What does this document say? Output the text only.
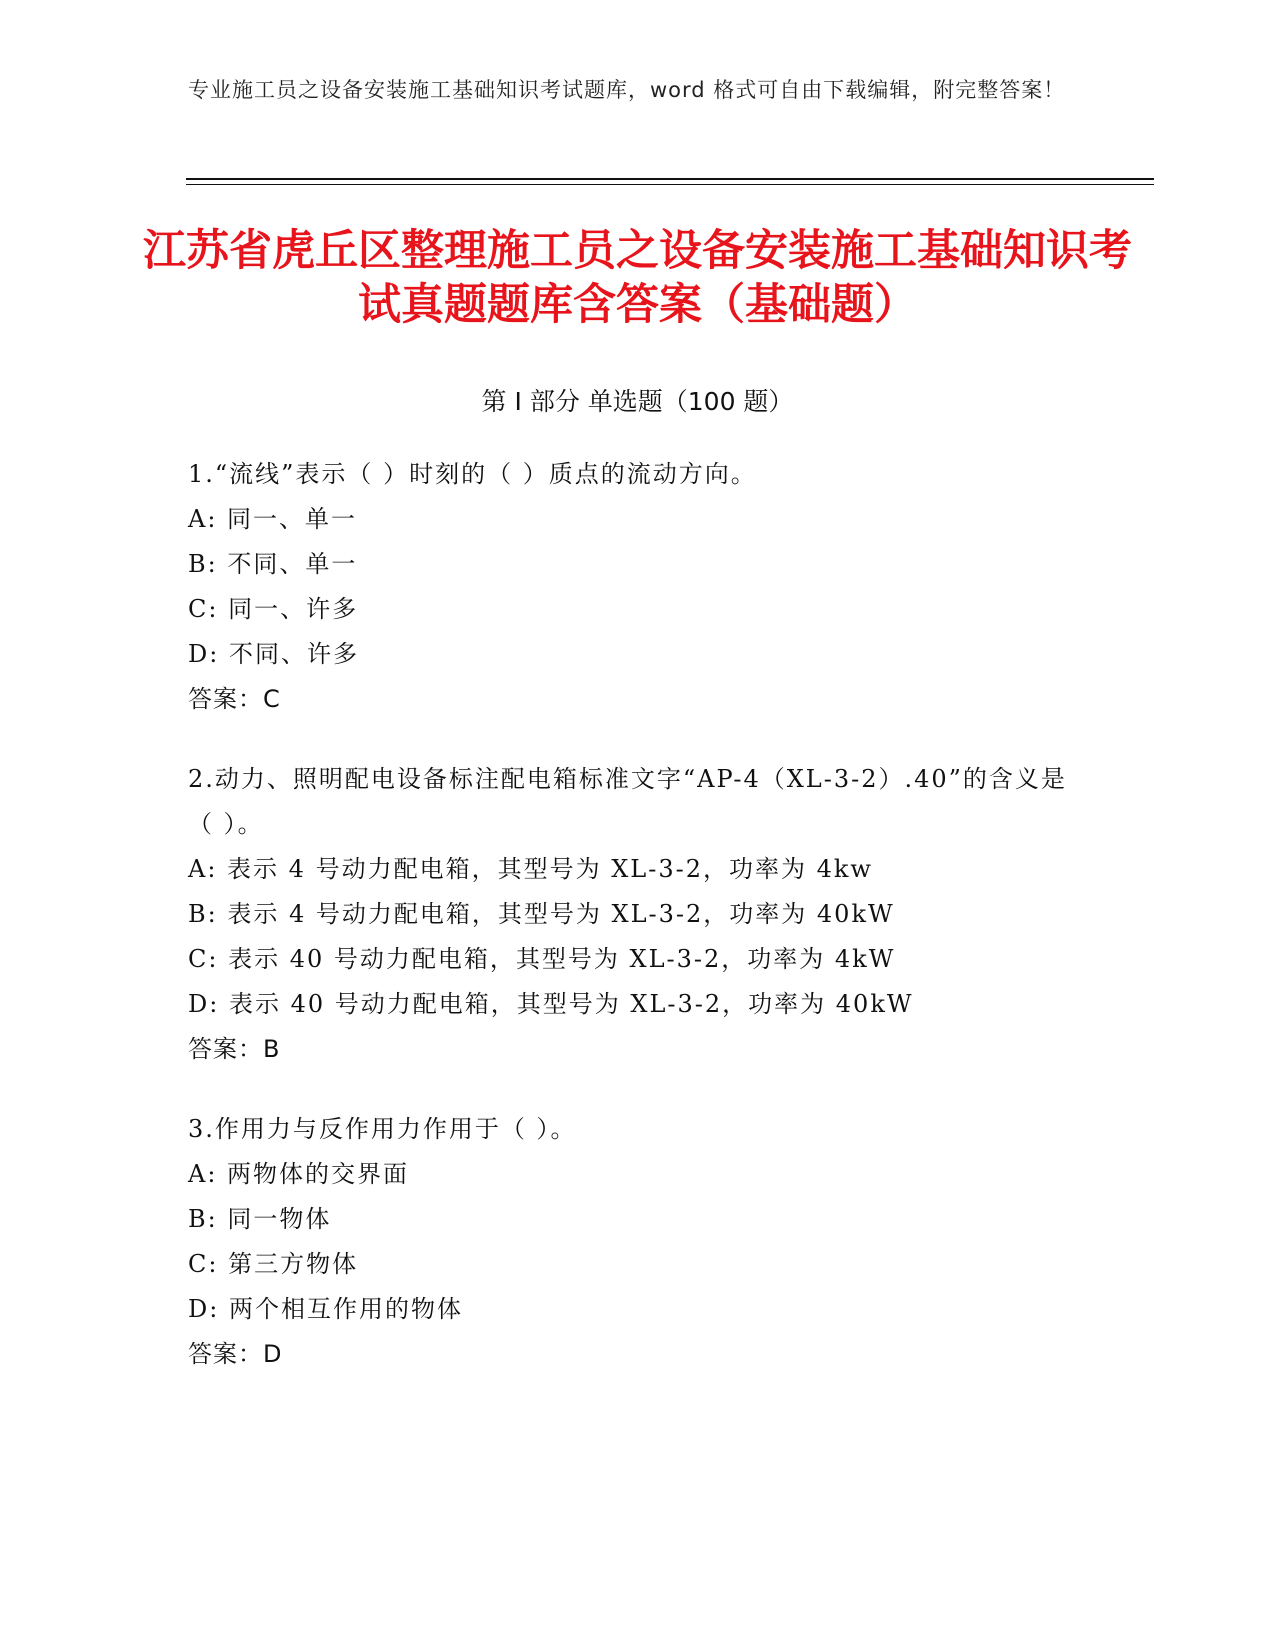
专业施工员之设备安装施工基础知识考试题库，word 格式可自由下载编辑，附完整答案！
江苏省虎丘区整理施工员之设备安装施工基础知识考试真题题库含答案（基础题）
第 I 部分 单选题（100 题）
1.“流线”表示（ ）时刻的（ ）质点的流动方向。
A: 同一、单一
B: 不同、单一
C: 同一、许多
D: 不同、许多
答案：C
2.动力、照明配电设备标注配电箱标准文字“AP-4（XL-3-2）.40”的含义是（ ）。
A: 表示 4 号动力配电箱，其型号为 XL-3-2，功率为 4kw
B: 表示 4 号动力配电箱，其型号为 XL-3-2，功率为 40kW
C: 表示 40 号动力配电箱，其型号为 XL-3-2，功率为 4kW
D: 表示 40 号动力配电箱，其型号为 XL-3-2，功率为 40kW
答案：B
3.作用力与反作用力作用于（ ）。
A: 两物体的交界面
B: 同一物体
C: 第三方物体
D: 两个相互作用的物体
答案：D
